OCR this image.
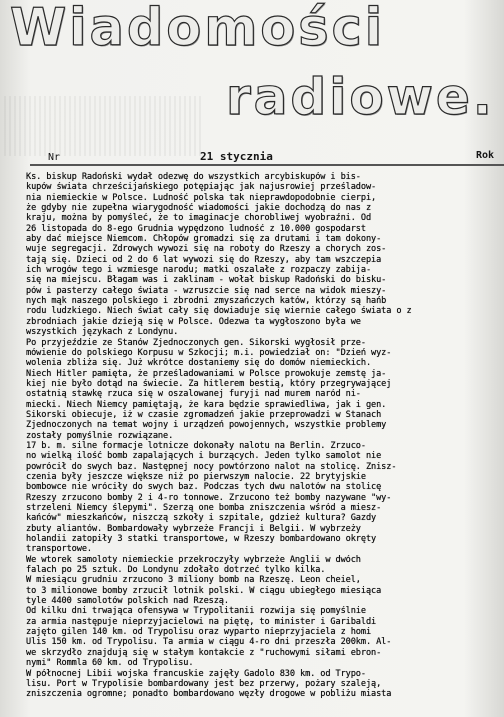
Wiadomości
radiowe.
Nr	21 stycznia	Rok
Ks. biskup Radoński wydał odezwę do wszystkich arcybiskupów i bis-
kupów świata chrześcijańskiego potępiając jak najusrowiej prześladow-
nia niemieckie w Polsce. Ludność polska tak nieprawdopodobnie cierpi,
że gdyby nie zupełna wiarygodność wiadomości jakie dochodzą do nas z
kraju, można by pomyśleć, że to imaginacje chorobliwej wyobraźni. Od
26 listopada do 8-ego Grudnia wypędzono ludność z 10.000 gospodarst
aby dać miejsce Niemcom. Chłopów gromadzi się za drutami i tam dokony-
wuje segregacji. Zdrowych wywozi się na roboty do Rzeszy a chorych zos-
tają się. Dzieci od 2 do 6 lat wywozi się do Rzeszy, aby tam wszczepia
ich wrogów tego i wzmiesge narodu; matki oszalałe z rozpaczy zabija-
się na miejscu. Błagam was i zaklinam - wołał biskup Radoński do bisku-
pów i pasterzy całego świata - wzruszcie się nad serce na widok mieszy-
nych mąk naszego polskiego i zbrodni zmyszańczych katów, którzy są hańb
rodu ludzkiego. Niech świat cały się dowiaduje się wiernie całego świata o z
zbrodniach jakie dzieją się w Polsce. Odezwa ta wygłoszono była we
wszystkich językach z Londynu.
Po przyjeździe ze Stanów Zjednoczonych gen. Sikorski wygłosił prze-
mówienie do polskiego Korpusu w Szkocji; m.i. powiedział on: "Dzień wyz-
wolenia zbliża się. Już wkrótce dostaniemy się do domów niemieckich.
Niech Hitler pamięta, że prześladowaniami w Polsce prowokuje zemstę ja-
kiej nie było dotąd na świecie. Za hitlerem bestią, który przegrywającej
ostatnią stawkę rzuca się w oszalowanej furyji nad murem naród ni-
miecki. Niech Niemcy pamiętają, że kara będzie sprawiedliwa, jak i gen.
Sikorski obiecuje, iż w czasie zgromadzeń jakie przeprowadzi w Stanach
Zjednoczonych na temat wojny i urządzeń powojennych, wszystkie problemy
zostały pomyślnie rozwiązane.
17 b. m. silne formacje lotnicze dokonały nalotu na Berlin. Zrzuco-
no wielką ilość bomb zapalających i burzących. Jeden tylko samolot nie
powrócił do swych baz. Następnej nocy powtórzono nalot na stolicę. Znisz-
czenia były jeszcze większe niż po pierwszym nalocie. 22 brytyjskie
bombowce nie wróciły do swych baz. Podczas tych dwu nalotów na stolicę
Rzeszy zrzucono bomby 2 i 4-ro tonnowe. Zrzucono też bomby nazywane "wy-
strzeleni Niemcy ślepymi". Szerzą one bomba zniszczenia wśród a miesz-
kańców" mieszkańców, niszczą szkoły i szpitale, gdzież kultura? Gazdy
zbuty aliantów. Bombardowały wybrzeże Francji i Belgii. W wybrzeży
holandii zatopiły 3 statki transportowe, w Rzeszy bombardowano okręty
transportowe.
We wtorek samoloty niemieckie przekroczyły wybrzeże Anglii w dwóch
falach po 25 sztuk. Do Londynu zdołało dotrzeć tylko kilka.
W miesiącu grudniu zrzucono 3 miliony bomb na Rzeszę. Leon cheiel,
to 3 milionowe bomby zrzucił lotnik polski. W ciągu ubiegłego miesiąca
tyle 4400 samolotów polskich nad Rzeszą.
Od kilku dni trwająca ofensywa w Trypolitanii rozwija się pomyślnie
za armia następuje nieprzyjacielowi na piętę, to minister i Garibaldi
zajęto gilen 140 km. od Trypolisu oraz wyparto nieprzyjaciela z homi
Ulis 150 km. od Trypolisu. Ta armia w ciągu 4-ro dni przeszła 200km. Al-
we skrzydło znajdują się w stałym kontakcie z "ruchowymi siłami ebron-
nymi" Rommla 60 km. od Trypolisu.
W północnej Libii wojska francuskie zajęły Gadolo 830 km. od Trypo-
lisu. Port w Trypolisie bombardowany jest bez przerwy, pożary szaleją,
zniszczenia ogromne; ponadto bombardowano węzły drogowe w pobliżu miasta
